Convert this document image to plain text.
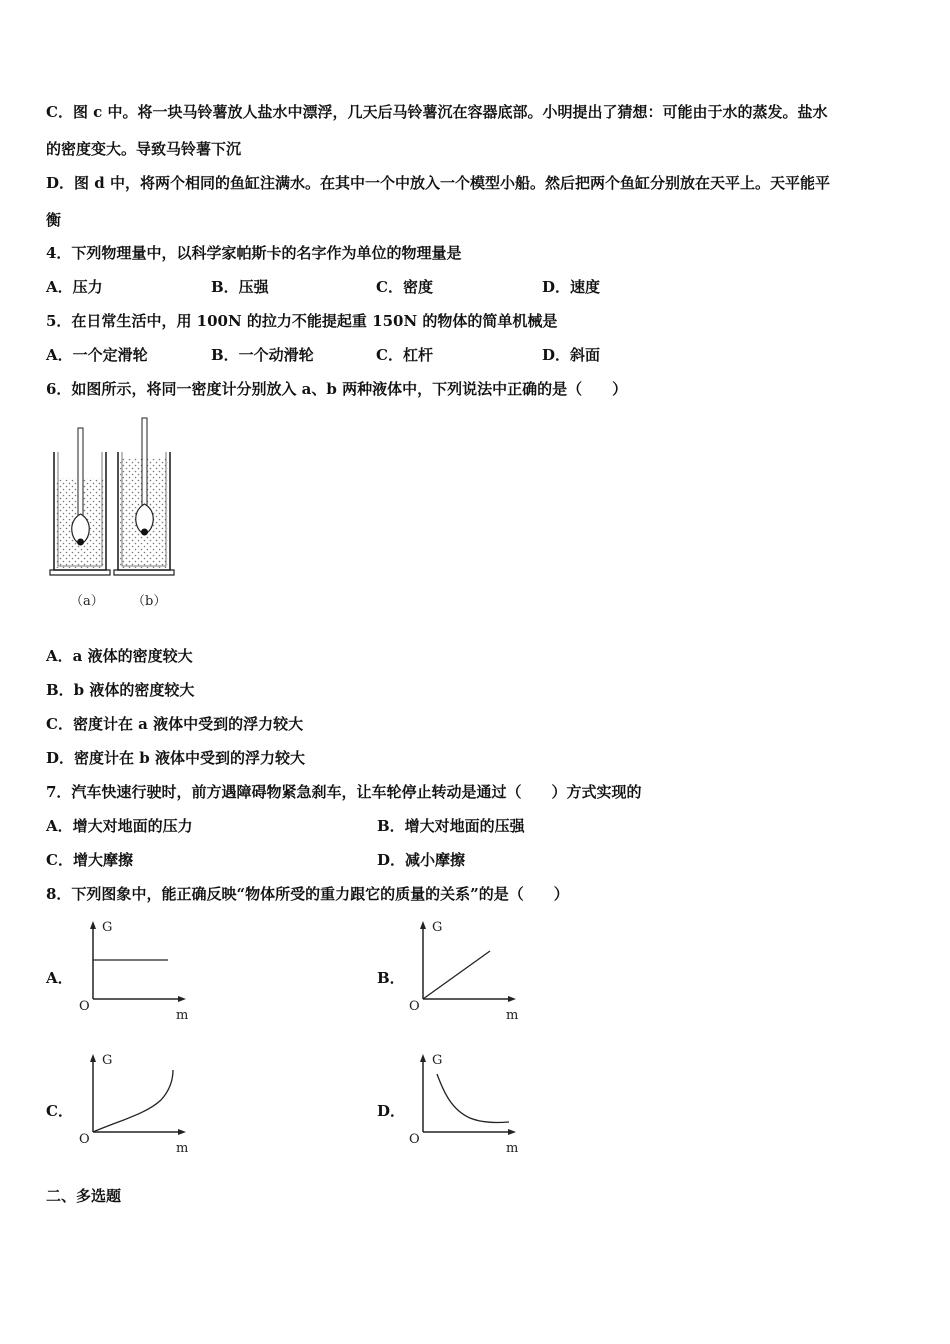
C．图 c 中。将一块马铃薯放人盐水中漂浮，几天后马铃薯沉在容器底部。小明提出了猜想：可能由于水的蒸发。盐水
的密度变大。导致马铃薯下沉
D．图 d 中，将两个相同的鱼缸注满水。在其中一个中放入一个模型小船。然后把两个鱼缸分别放在天平上。天平能平
衡
4．下列物理量中，以科学家帕斯卡的名字作为单位的物理量是
A．压力	B．压强	C．密度	D．速度
5．在日常生活中，用 100N 的拉力不能提起重 150N 的物体的简单机械是
A．一个定滑轮	B．一个动滑轮	C．杠杆	D．斜面
6．如图所示，将同一密度计分别放入 a、b 两种液体中，下列说法中正确的是（　　）
（a） （b）
A．a 液体的密度较大
B．b 液体的密度较大
C．密度计在 a 液体中受到的浮力较大
D．密度计在 b 液体中受到的浮力较大
7．汽车快速行驶时，前方遇障碍物紧急刹车，让车轮停止转动是通过（　　）方式实现的
A．增大对地面的压力	B．增大对地面的压强
C．增大摩擦	D．减小摩擦
8．下列图象中，能正确反映“物体所受的重力跟它的质量的关系”的是（　　）
A．
G
O
m
B．
G
O
m
C．
G
O
m
D．
G
O
m
二、多选题
